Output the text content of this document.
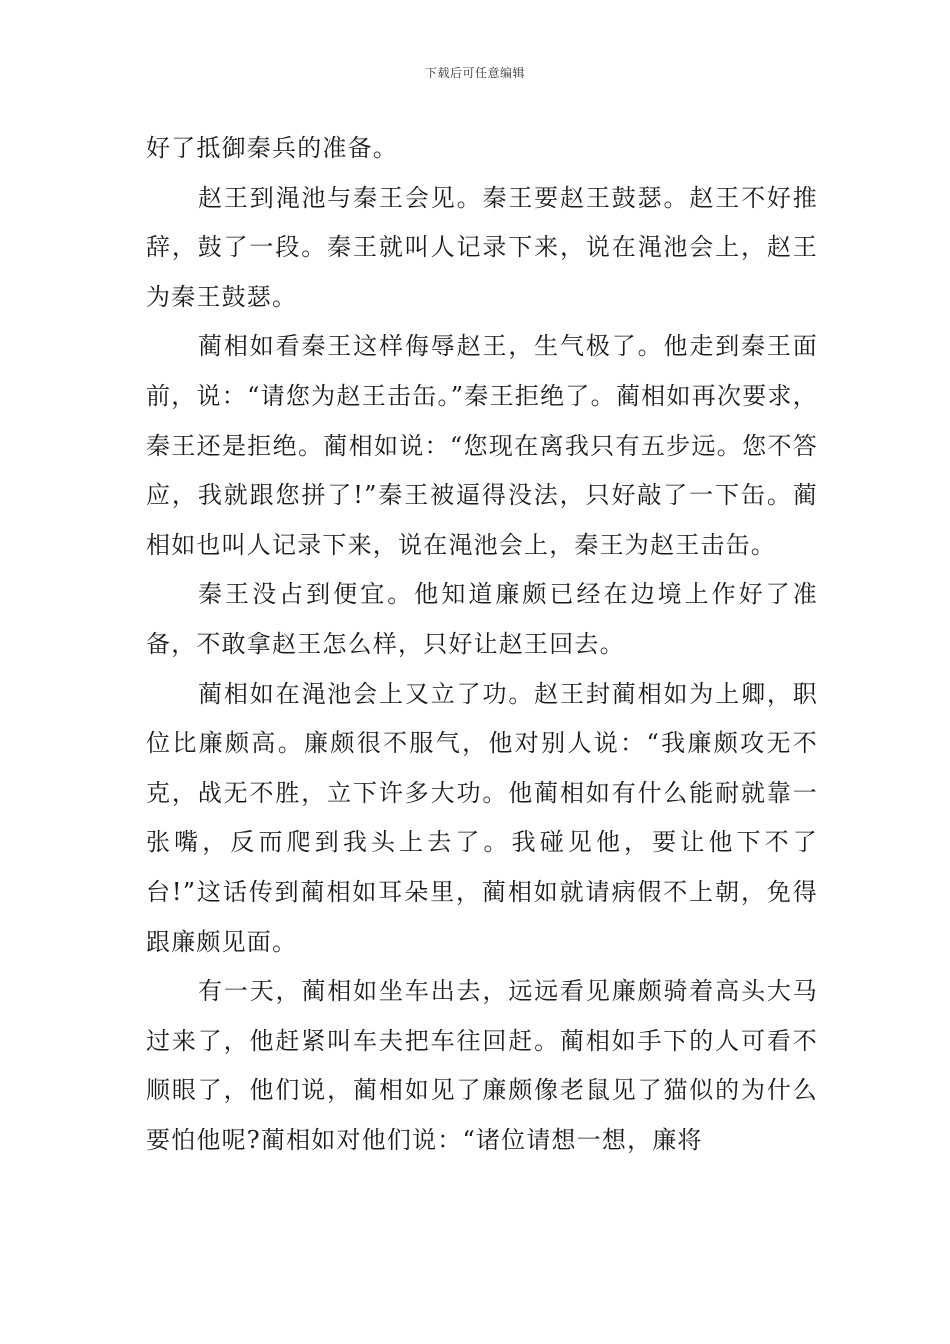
下载后可任意编辑

好了抵御秦兵的准备。

赵王到渑池与秦王会见。秦王要赵王鼓瑟。赵王不好推辞，鼓了一段。秦王就叫人记录下来，说在渑池会上，赵王为秦王鼓瑟。

蔺相如看秦王这样侮辱赵王，生气极了。他走到秦王面前，说：“请您为赵王击缶。”秦王拒绝了。蔺相如再次要求，秦王还是拒绝。蔺相如说：“您现在离我只有五步远。您不答应，我就跟您拼了!”秦王被逼得没法，只好敲了一下缶。蔺相如也叫人记录下来，说在渑池会上，秦王为赵王击缶。

秦王没占到便宜。他知道廉颇已经在边境上作好了准备，不敢拿赵王怎么样，只好让赵王回去。

蔺相如在渑池会上又立了功。赵王封蔺相如为上卿，职位比廉颇高。廉颇很不服气，他对别人说：“我廉颇攻无不克，战无不胜，立下许多大功。他蔺相如有什么能耐就靠一张嘴，反而爬到我头上去了。我碰见他，要让他下不了台!”这话传到蔺相如耳朵里，蔺相如就请病假不上朝，免得跟廉颇见面。

有一天，蔺相如坐车出去，远远看见廉颇骑着高头大马过来了，他赶紧叫车夫把车往回赶。蔺相如手下的人可看不顺眼了，他们说，蔺相如见了廉颇像老鼠见了猫似的为什么要怕他呢?蔺相如对他们说：“诸位请想一想，廉将
